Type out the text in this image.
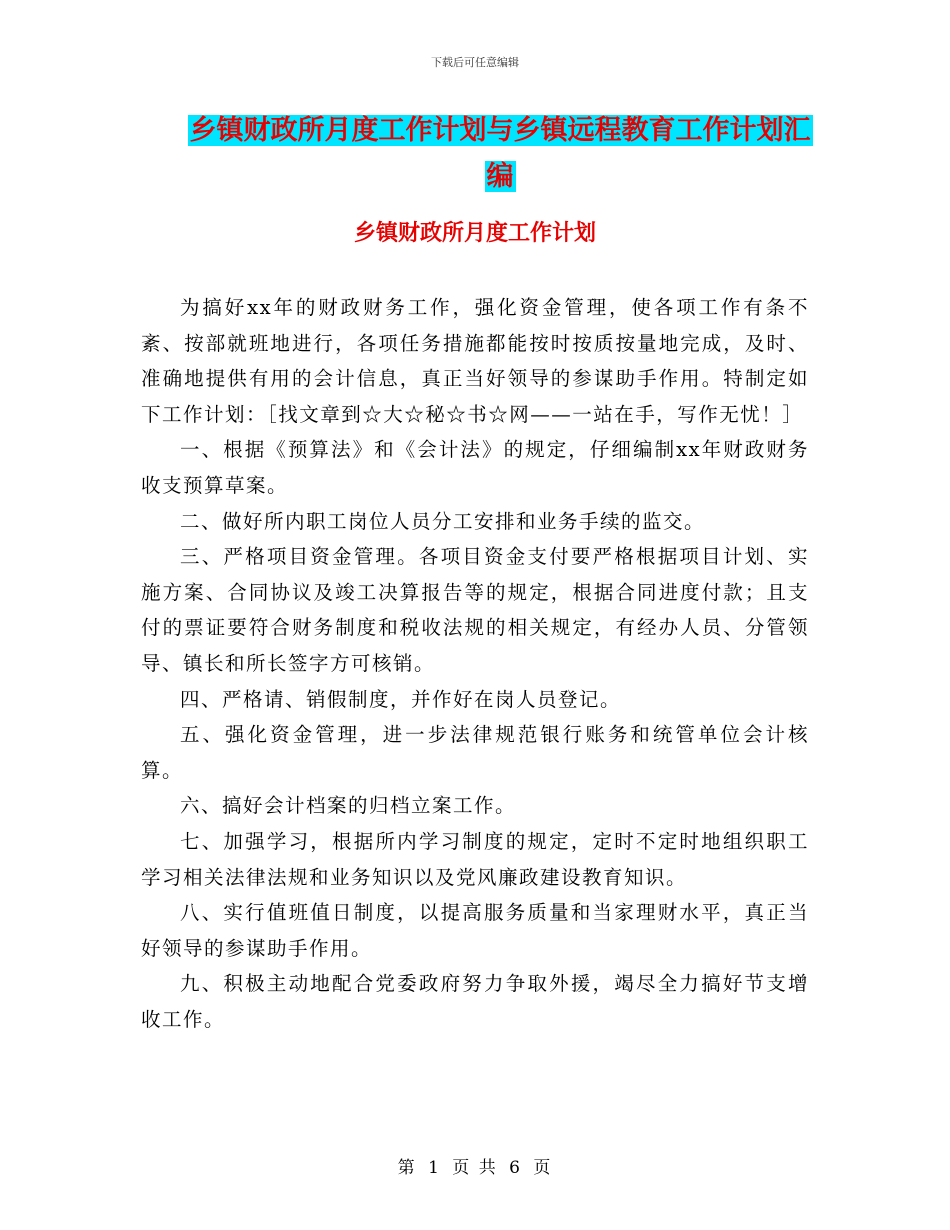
下载后可任意编辑
乡镇财政所月度工作计划与乡镇远程教育工作计划汇
编
乡镇财政所月度工作计划

为搞好xx年的财政财务工作，强化资金管理，使各项工作有条不紊、按部就班地进行，各项任务措施都能按时按质按量地完成，及时、准确地提供有用的会计信息，真正当好领导的参谋助手作用。特制定如下工作计划：［找文章到☆大☆秘☆书☆网——一站在手，写作无忧！］

一、根据《预算法》和《会计法》的规定，仔细编制xx年财政财务收支预算草案。

二、做好所内职工岗位人员分工安排和业务手续的监交。

三、严格项目资金管理。各项目资金支付要严格根据项目计划、实施方案、合同协议及竣工决算报告等的规定，根据合同进度付款；且支付的票证要符合财务制度和税收法规的相关规定，有经办人员、分管领导、镇长和所长签字方可核销。

四、严格请、销假制度，并作好在岗人员登记。

五、强化资金管理，进一步法律规范银行账务和统管单位会计核算。

六、搞好会计档案的归档立案工作。

七、加强学习，根据所内学习制度的规定，定时不定时地组织职工学习相关法律法规和业务知识以及党风廉政建设教育知识。

八、实行值班值日制度，以提高服务质量和当家理财水平，真正当好领导的参谋助手作用。

九、积极主动地配合党委政府努力争取外援，竭尽全力搞好节支增收工作。

第 1 页 共 6 页
